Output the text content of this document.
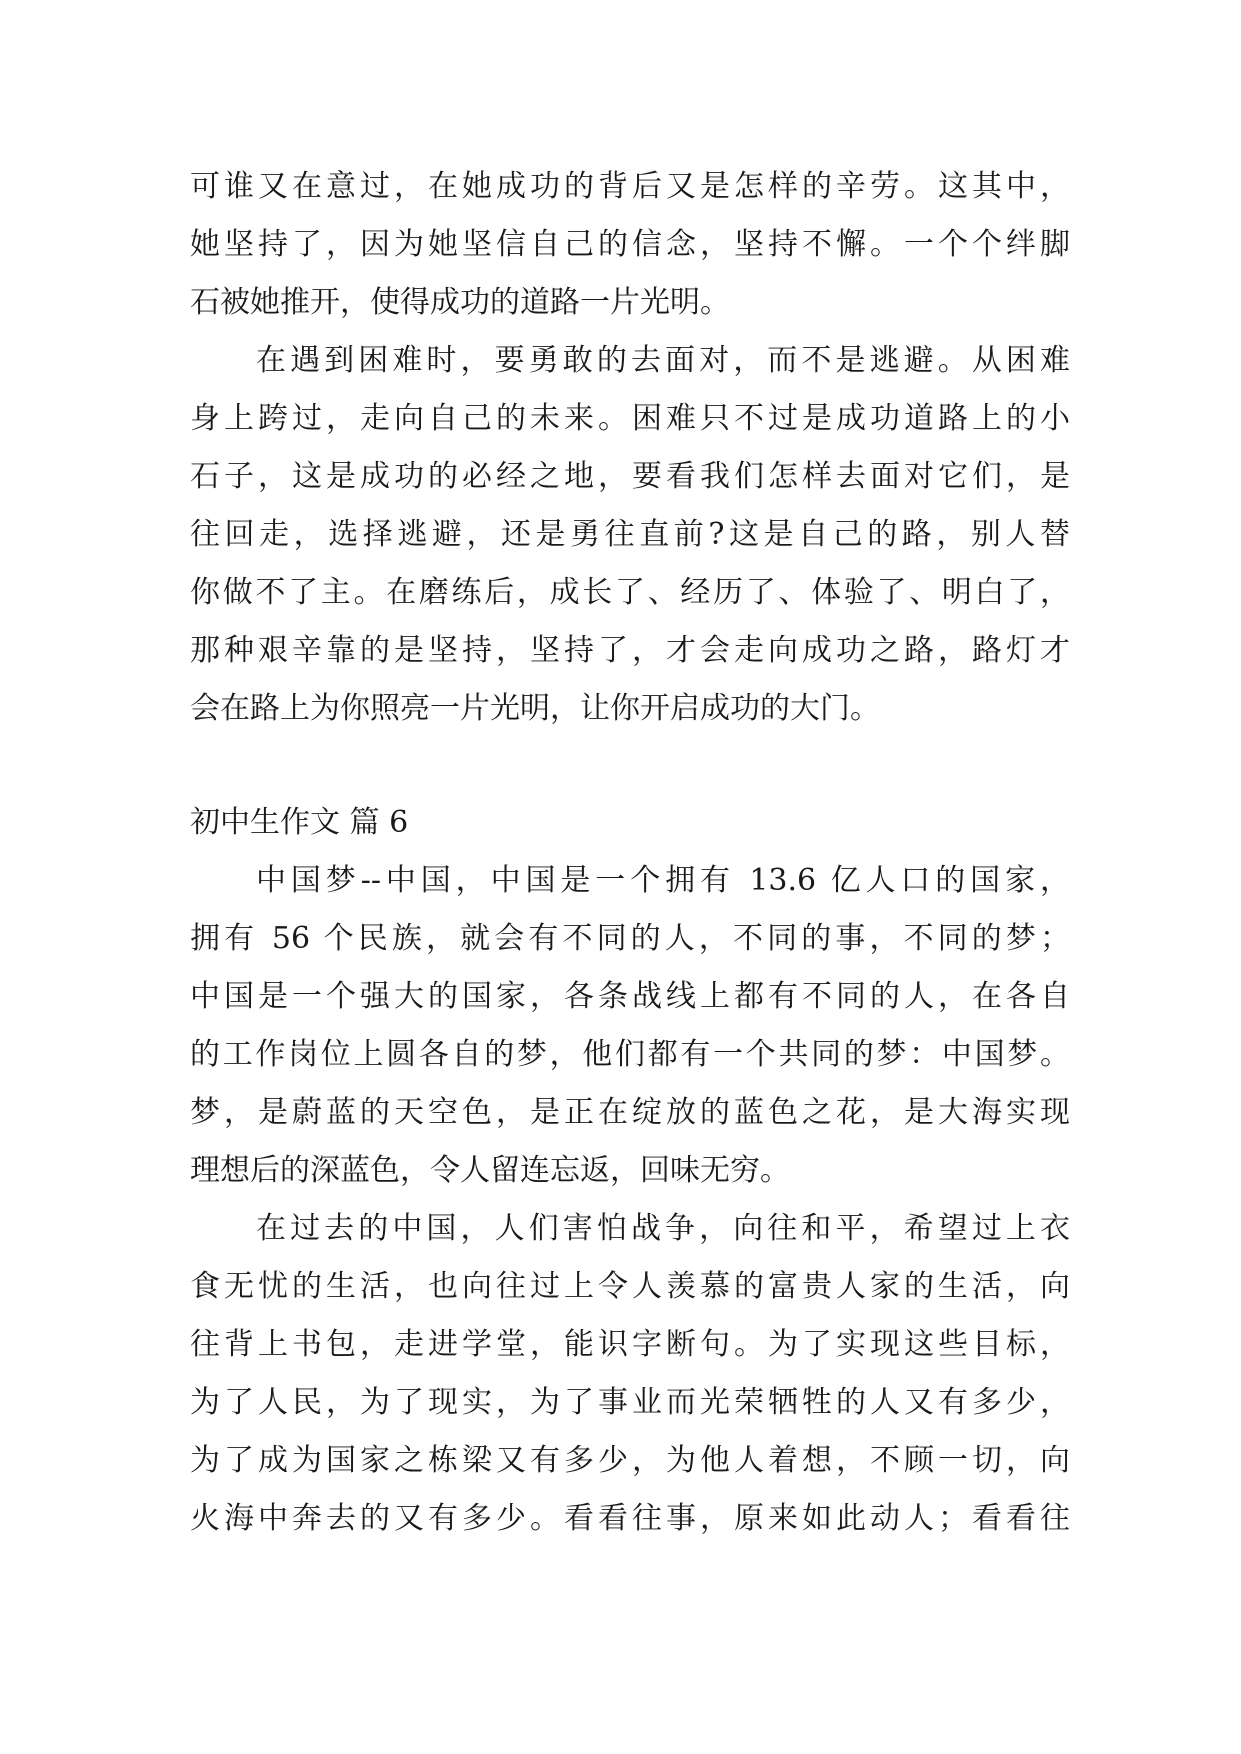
可谁又在意过，在她成功的背后又是怎样的辛劳。这其中，
她坚持了，因为她坚信自己的信念，坚持不懈。一个个绊脚
石被她推开，使得成功的道路一片光明。
在遇到困难时，要勇敢的去面对，而不是逃避。从困难
身上跨过，走向自己的未来。困难只不过是成功道路上的小
石子，这是成功的必经之地，要看我们怎样去面对它们，是
往回走，选择逃避，还是勇往直前?这是自己的路，别人替
你做不了主。在磨练后，成长了、经历了、体验了、明白了，
那种艰辛靠的是坚持，坚持了，才会走向成功之路，路灯才
会在路上为你照亮一片光明，让你开启成功的大门。
初中生作文 篇 6
中国梦--中国，中国是一个拥有 13.6 亿人口的国家，
拥有 56 个民族，就会有不同的人，不同的事，不同的梦；
中国是一个强大的国家，各条战线上都有不同的人，在各自
的工作岗位上圆各自的梦，他们都有一个共同的梦：中国梦。
梦，是蔚蓝的天空色，是正在绽放的蓝色之花，是大海实现
理想后的深蓝色，令人留连忘返，回味无穷。
在过去的中国，人们害怕战争，向往和平，希望过上衣
食无忧的生活，也向往过上令人羡慕的富贵人家的生活，向
往背上书包，走进学堂，能识字断句。为了实现这些目标，
为了人民，为了现实，为了事业而光荣牺牲的人又有多少，
为了成为国家之栋梁又有多少，为他人着想，不顾一切，向
火海中奔去的又有多少。看看往事，原来如此动人；看看往
